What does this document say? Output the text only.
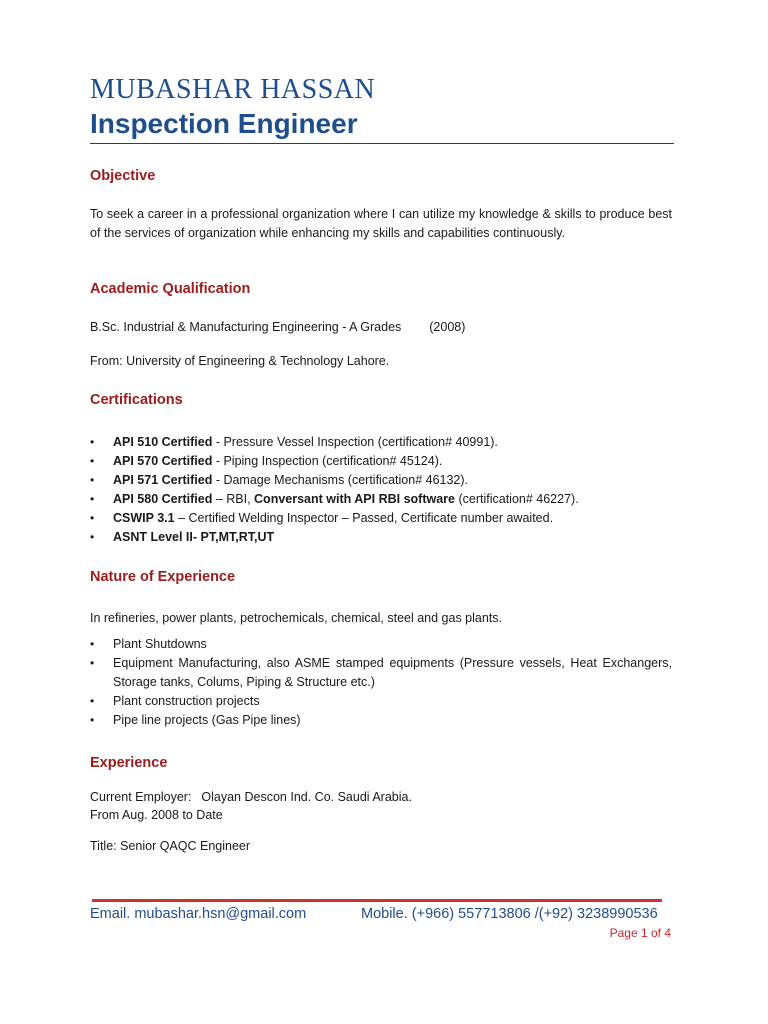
MUBASHAR HASSAN
Inspection Engineer
Objective
To seek a career in a professional organization where I can utilize my knowledge & skills to produce best of the services of organization while enhancing my skills and capabilities continuously.
Academic Qualification
B.Sc. Industrial & Manufacturing Engineering - A Grades (2008)
From: University of Engineering & Technology Lahore.
Certifications
• API 510 Certified - Pressure Vessel Inspection (certification# 40991).
• API 570 Certified - Piping Inspection (certification# 45124).
• API 571 Certified - Damage Mechanisms (certification# 46132).
• API 580 Certified – RBI, Conversant with API RBI software (certification# 46227).
• CSWIP 3.1 – Certified Welding Inspector – Passed, Certificate number awaited.
• ASNT Level II- PT,MT,RT,UT
Nature of Experience
In refineries, power plants, petrochemicals, chemical, steel and gas plants.
• Plant Shutdowns
• Equipment Manufacturing, also ASME stamped equipments (Pressure vessels, Heat Exchangers, Storage tanks, Colums, Piping & Structure etc.)
• Plant construction projects
• Pipe line projects (Gas Pipe lines)
Experience
Current Employer: Olayan Descon Ind. Co. Saudi Arabia.
From Aug. 2008 to Date
Title: Senior QAQC Engineer
Email. mubashar.hsn@gmail.com	Mobile. (+966) 557713806 /(+92) 3238990536
Page 1 of 4
